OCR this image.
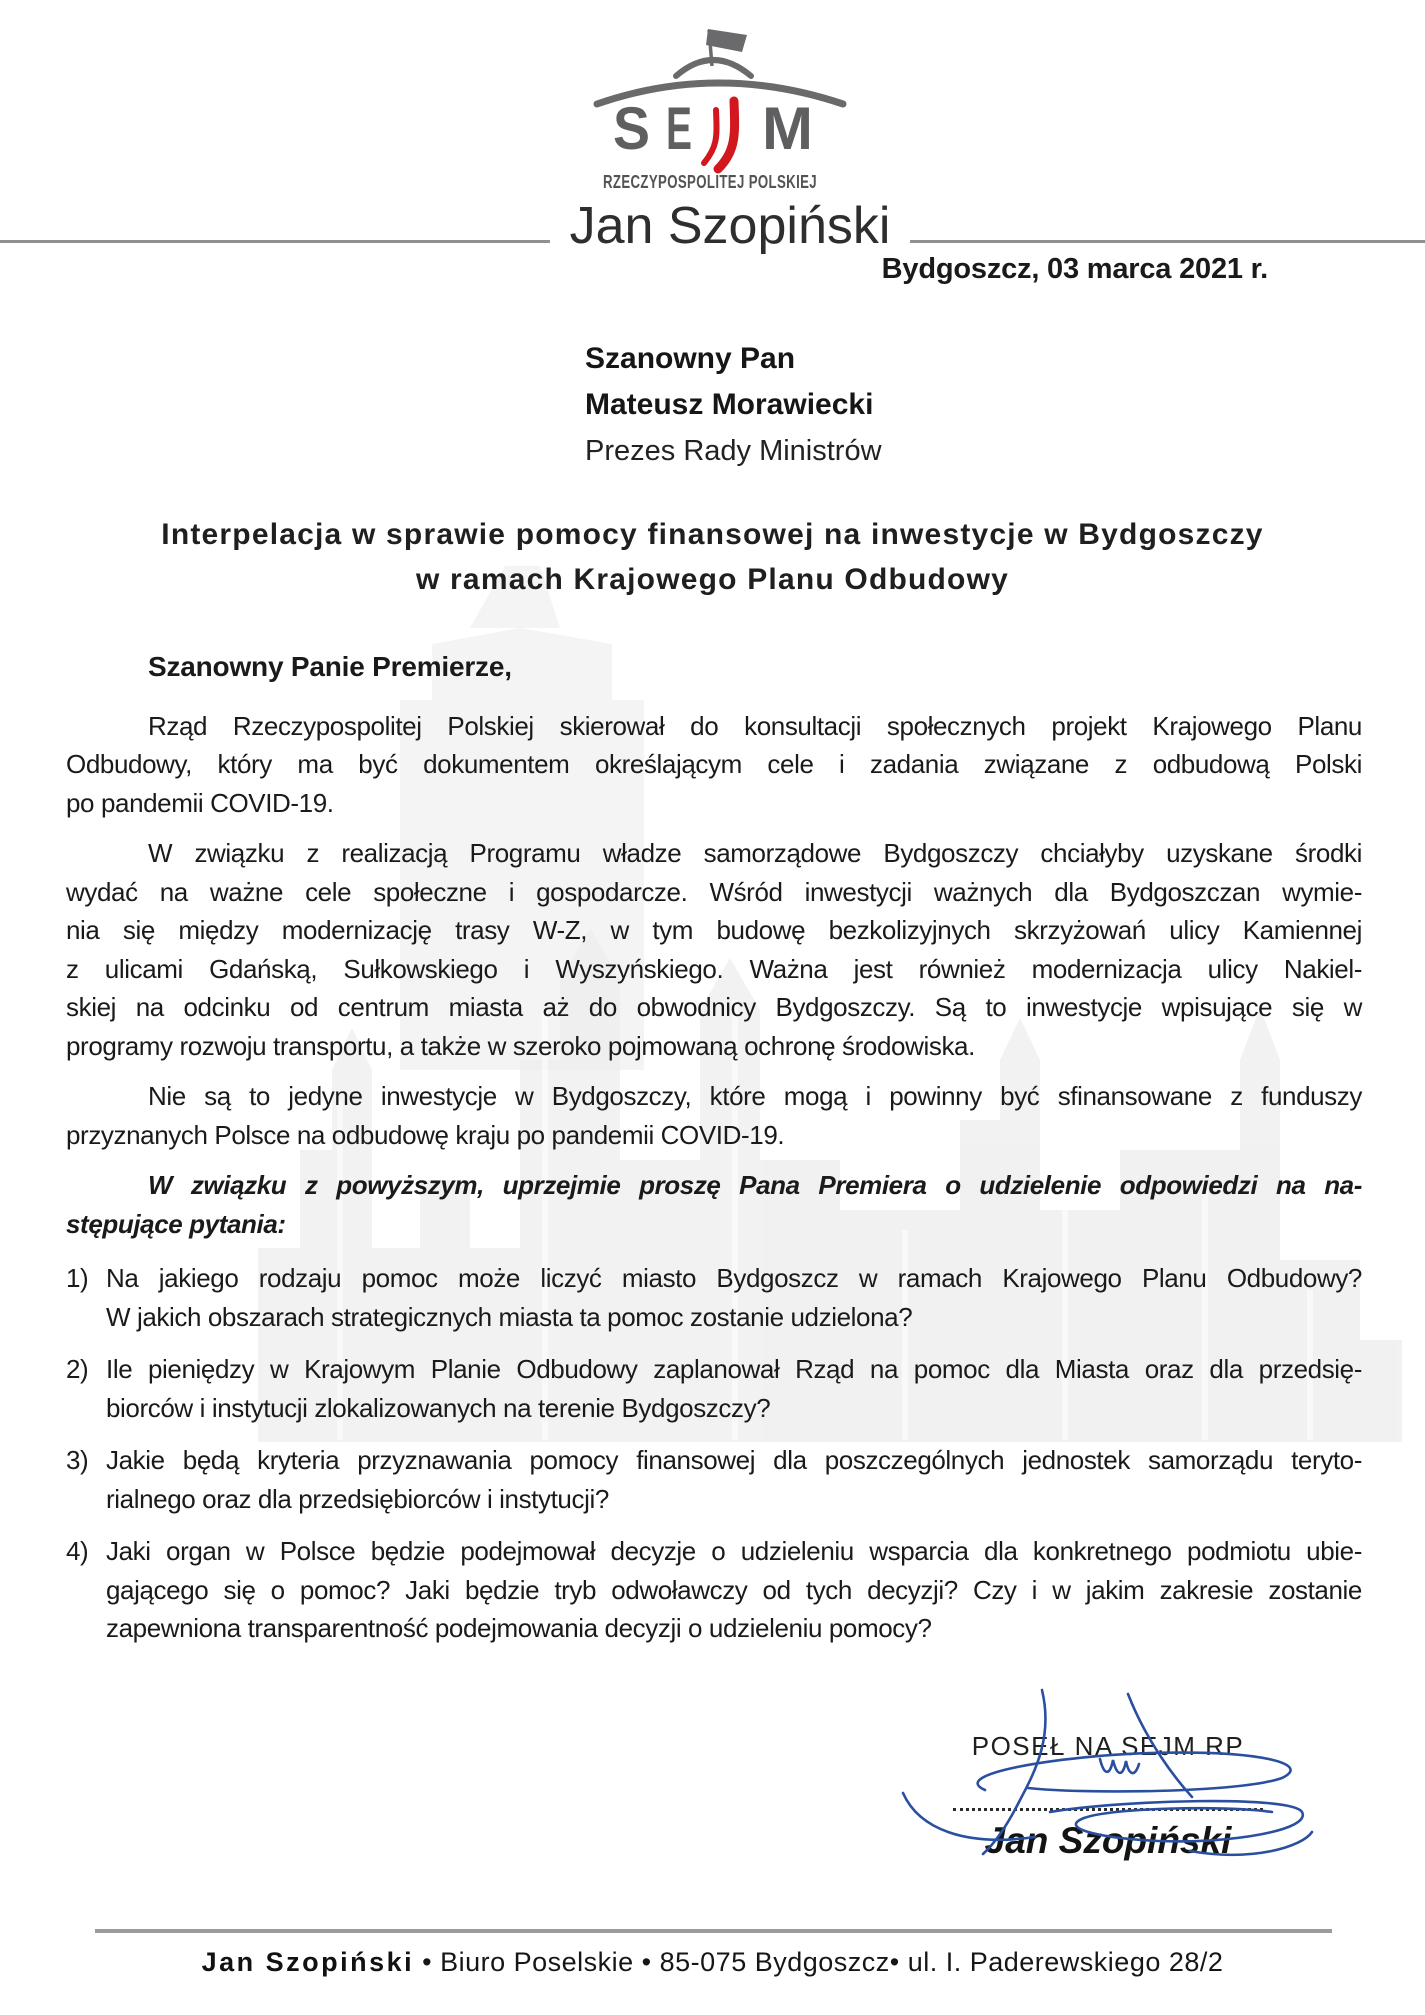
S E M
RZECZYPOSPOLITEJ POLSKIEJ
Jan Szopiński
Bydgoszcz, 03 marca 2021 r.
Szanowny Pan
Mateusz Morawiecki
Prezes Rady Ministrów
Interpelacja w sprawie pomocy finansowej na inwestycje w Bydgoszczy
w ramach Krajowego Planu Odbudowy
Szanowny Panie Premierze,
Rząd Rzeczypospolitej Polskiej skierował do konsultacji społecznych projekt Krajowego Planu
Odbudowy, który ma być dokumentem określającym cele i zadania związane z odbudową Polski
po pandemii COVID-19.
W związku z realizacją Programu władze samorządowe Bydgoszczy chciałyby uzyskane środki
wydać na ważne cele społeczne i gospodarcze. Wśród inwestycji ważnych dla Bydgoszczan wymie-
nia się między modernizację trasy W-Z, w tym budowę bezkolizyjnych skrzyżowań ulicy Kamiennej
z ulicami Gdańską, Sułkowskiego i Wyszyńskiego. Ważna jest również modernizacja ulicy Nakiel-
skiej na odcinku od centrum miasta aż do obwodnicy Bydgoszczy. Są to inwestycje wpisujące się w
programy rozwoju transportu, a także w szeroko pojmowaną ochronę środowiska.
Nie są to jedyne inwestycje w Bydgoszczy, które mogą i powinny być sfinansowane z funduszy
przyznanych Polsce na odbudowę kraju po pandemii COVID-19.
W związku z powyższym, uprzejmie proszę Pana Premiera o udzielenie odpowiedzi na na-
stępujące pytania:
1) Na jakiego rodzaju pomoc może liczyć miasto Bydgoszcz w ramach Krajowego Planu Odbudowy?
W jakich obszarach strategicznych miasta ta pomoc zostanie udzielona?
2) Ile pieniędzy w Krajowym Planie Odbudowy zaplanował Rząd na pomoc dla Miasta oraz dla przedsię-
biorców i instytucji zlokalizowanych na terenie Bydgoszczy?
3) Jakie będą kryteria przyznawania pomocy finansowej dla poszczególnych jednostek samorządu teryto-
rialnego oraz dla przedsiębiorców i instytucji?
4) Jaki organ w Polsce będzie podejmował decyzje o udzieleniu wsparcia dla konkretnego podmiotu ubie-
gającego się o pomoc? Jaki będzie tryb odwoławczy od tych decyzji? Czy i w jakim zakresie zostanie
zapewniona transparentność podejmowania decyzji o udzieleniu pomocy?
POSEŁ NA SEJM RP
Jan Szopiński
Jan Szopiński • Biuro Poselskie • 85-075 Bydgoszcz• ul. I. Paderewskiego 28/2
